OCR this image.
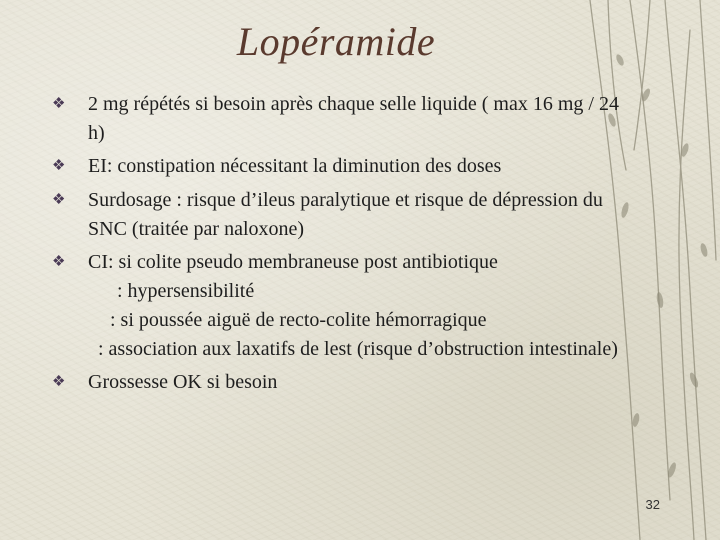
Lopéramide
❖ 2 mg répétés si besoin après chaque selle liquide ( max 16 mg / 24 h)
❖ EI: constipation nécessitant la diminution des doses
❖ Surdosage : risque d’ileus paralytique et risque de dépression du SNC (traitée par naloxone)
❖ CI: si colite pseudo membraneuse post antibiotique
: hypersensibilité
: si poussée aiguë de recto-colite hémorragique
: association aux laxatifs de lest (risque d’obstruction intestinale)
❖ Grossesse OK si besoin
32
